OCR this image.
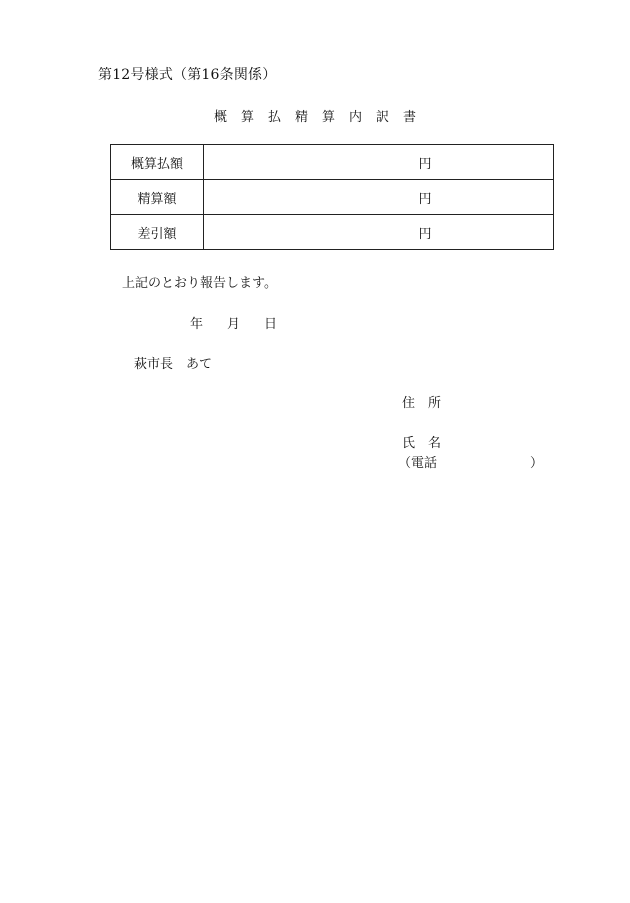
第12号様式（第16条関係）
概 算 払 精 算 内 訳 書
概算払額	円
精算額	円
差引額	円
上記のとおり報告します。
年 月 日
萩市長　あて
住　所
氏　名
（電話	）
